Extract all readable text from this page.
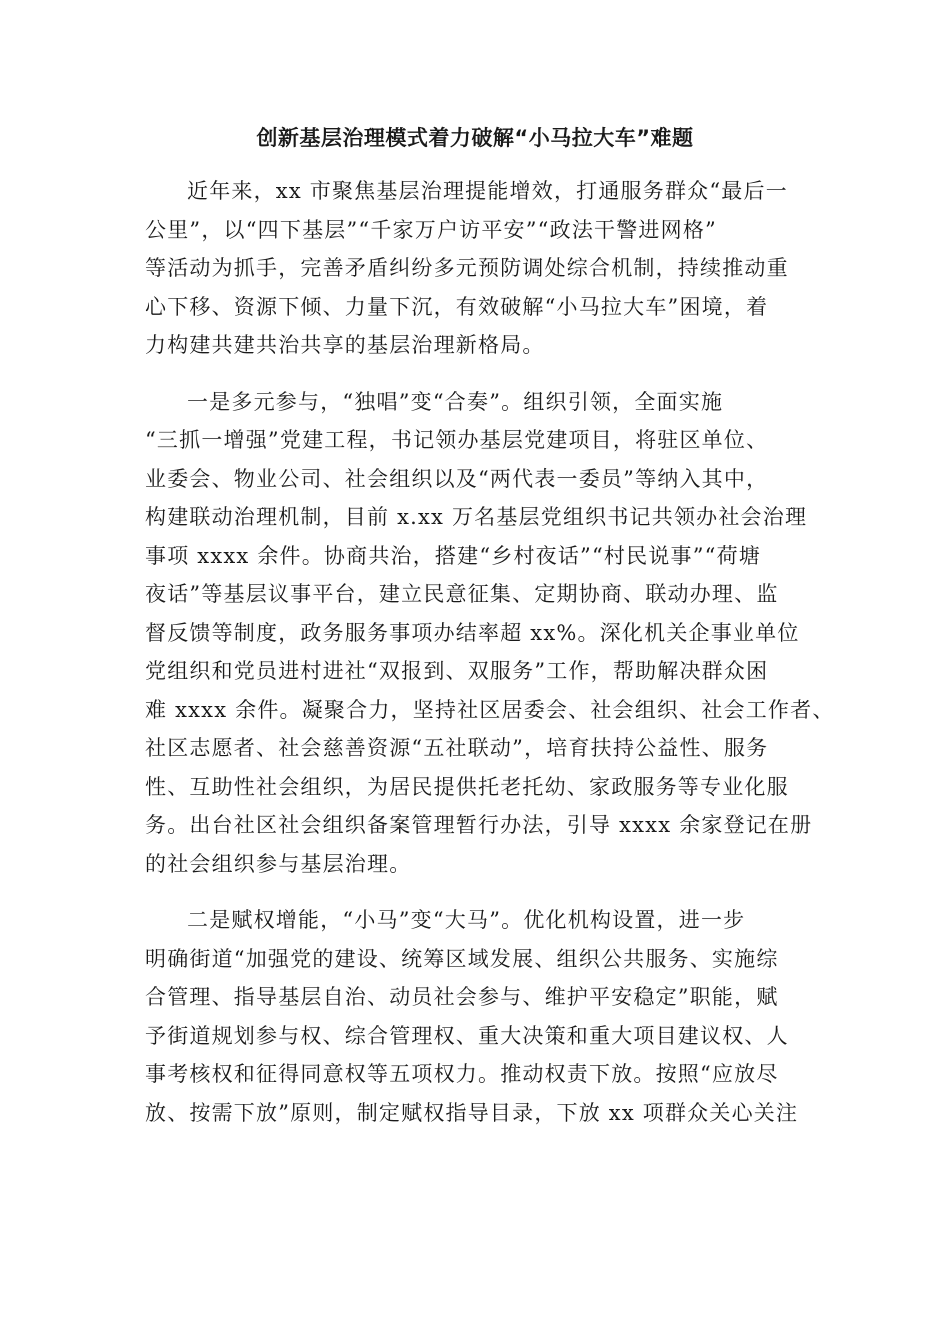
创新基层治理模式着力破解“小马拉大车”难题

近年来，xx 市聚焦基层治理提能增效，打通服务群众“最后一
公里”，以“四下基层”“千家万户访平安”“政法干警进网格”
等活动为抓手，完善矛盾纠纷多元预防调处综合机制，持续推动重
心下移、资源下倾、力量下沉，有效破解“小马拉大车”困境，着
力构建共建共治共享的基层治理新格局。

一是多元参与，“独唱”变“合奏”。组织引领，全面实施
“三抓一增强”党建工程，书记领办基层党建项目，将驻区单位、
业委会、物业公司、社会组织以及“两代表一委员”等纳入其中，
构建联动治理机制，目前 x.xx 万名基层党组织书记共领办社会治理
事项 xxxx 余件。协商共治，搭建“乡村夜话”“村民说事”“荷塘
夜话”等基层议事平台，建立民意征集、定期协商、联动办理、监
督反馈等制度，政务服务事项办结率超 xx%。深化机关企事业单位
党组织和党员进村进社“双报到、双服务”工作，帮助解决群众困
难 xxxx 余件。凝聚合力，坚持社区居委会、社会组织、社会工作者、
社区志愿者、社会慈善资源“五社联动”，培育扶持公益性、服务
性、互助性社会组织，为居民提供托老托幼、家政服务等专业化服
务。出台社区社会组织备案管理暂行办法，引导 xxxx 余家登记在册
的社会组织参与基层治理。

二是赋权增能，“小马”变“大马”。优化机构设置，进一步
明确街道“加强党的建设、统筹区域发展、组织公共服务、实施综
合管理、指导基层自治、动员社会参与、维护平安稳定”职能，赋
予街道规划参与权、综合管理权、重大决策和重大项目建议权、人
事考核权和征得同意权等五项权力。推动权责下放。按照“应放尽
放、按需下放”原则，制定赋权指导目录，下放 xx 项群众关心关注
